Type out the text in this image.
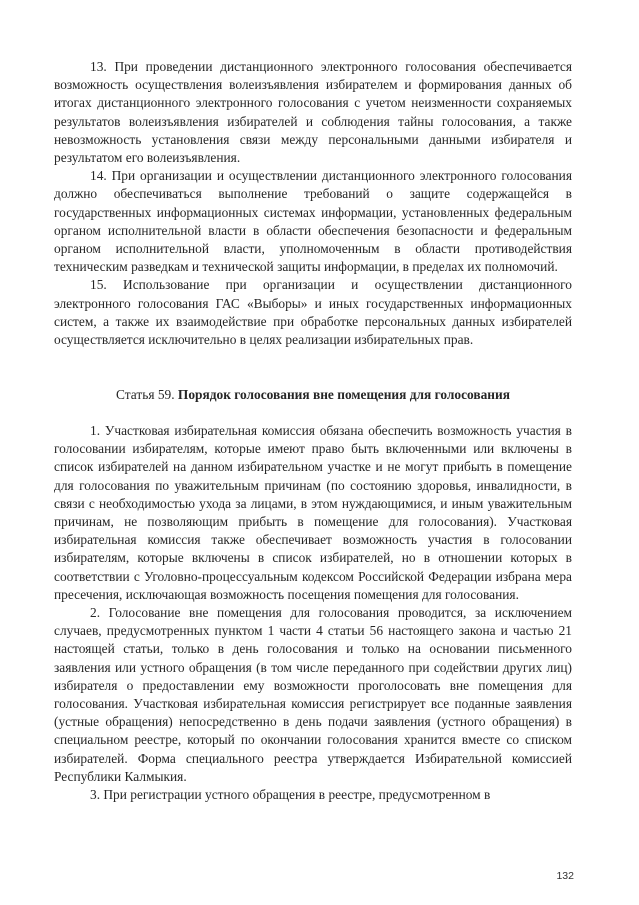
13. При проведении дистанционного электронного голосования обеспечивается возможность осуществления волеизъявления избирателем и формирования данных об итогах дистанционного электронного голосования с учетом неизменности сохраняемых результатов волеизъявления избирателей и соблюдения тайны голосования, а также невозможность установления связи между персональными данными избирателя и результатом его волеизъявления.

14. При организации и осуществлении дистанционного электронного голосования должно обеспечиваться выполнение требований о защите содержащейся в государственных информационных системах информации, установленных федеральным органом исполнительной власти в области обеспечения безопасности и федеральным органом исполнительной власти, уполномоченным в области противодействия техническим разведкам и технической защиты информации, в пределах их полномочий.

15. Использование при организации и осуществлении дистанционного электронного голосования ГАС «Выборы» и иных государственных информационных систем, а также их взаимодействие при обработке персональных данных избирателей осуществляется исключительно в целях реализации избирательных прав.

Статья 59. Порядок голосования вне помещения для голосования

1. Участковая избирательная комиссия обязана обеспечить возможность участия в голосовании избирателям, которые имеют право быть включенными или включены в список избирателей на данном избирательном участке и не могут прибыть в помещение для голосования по уважительным причинам (по состоянию здоровья, инвалидности, в связи с необходимостью ухода за лицами, в этом нуждающимися, и иным уважительным причинам, не позволяющим прибыть в помещение для голосования). Участковая избирательная комиссия также обеспечивает возможность участия в голосовании избирателям, которые включены в список избирателей, но в отношении которых в соответствии с Уголовно-процессуальным кодексом Российской Федерации избрана мера пресечения, исключающая возможность посещения помещения для голосования.

2. Голосование вне помещения для голосования проводится, за исключением случаев, предусмотренных пунктом 1 части 4 статьи 56 настоящего закона и частью 21 настоящей статьи, только в день голосования и только на основании письменного заявления или устного обращения (в том числе переданного при содействии других лиц) избирателя о предоставлении ему возможности проголосовать вне помещения для голосования. Участковая избирательная комиссия регистрирует все поданные заявления (устные обращения) непосредственно в день подачи заявления (устного обращения) в специальном реестре, который по окончании голосования хранится вместе со списком избирателей. Форма специального реестра утверждается Избирательной комиссией Республики Калмыкия.

3. При регистрации устного обращения в реестре, предусмотренном в

132
